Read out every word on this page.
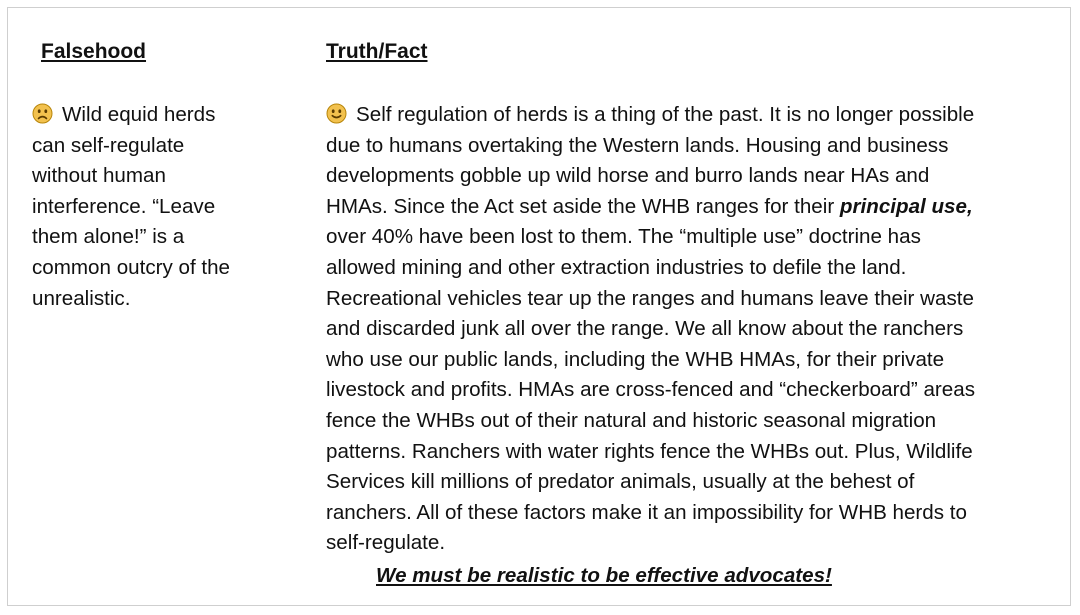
Falsehood
Wild equid herds
can self-regulate
without human
interference. “Leave
them alone!” is a
common outcry of the
unrealistic.
Truth/Fact
Self regulation of herds is a thing of the past. It is no longer possible
due to humans overtaking the Western lands. Housing and business
developments gobble up wild horse and burro lands near HAs and
HMAs. Since the Act set aside the WHB ranges for their principal use,
over 40% have been lost to them. The “multiple use” doctrine has
allowed mining and other extraction industries to defile the land.
Recreational vehicles tear up the ranges and humans leave their waste
and discarded junk all over the range. We all know about the ranchers
who use our public lands, including the WHB HMAs, for their private
livestock and profits. HMAs are cross-fenced and “checkerboard” areas
fence the WHBs out of their natural and historic seasonal migration
patterns. Ranchers with water rights fence the WHBs out. Plus, Wildlife
Services kill millions of predator animals, usually at the behest of
ranchers. All of these factors make it an impossibility for WHB herds to
self-regulate.
We must be realistic to be effective advocates!
